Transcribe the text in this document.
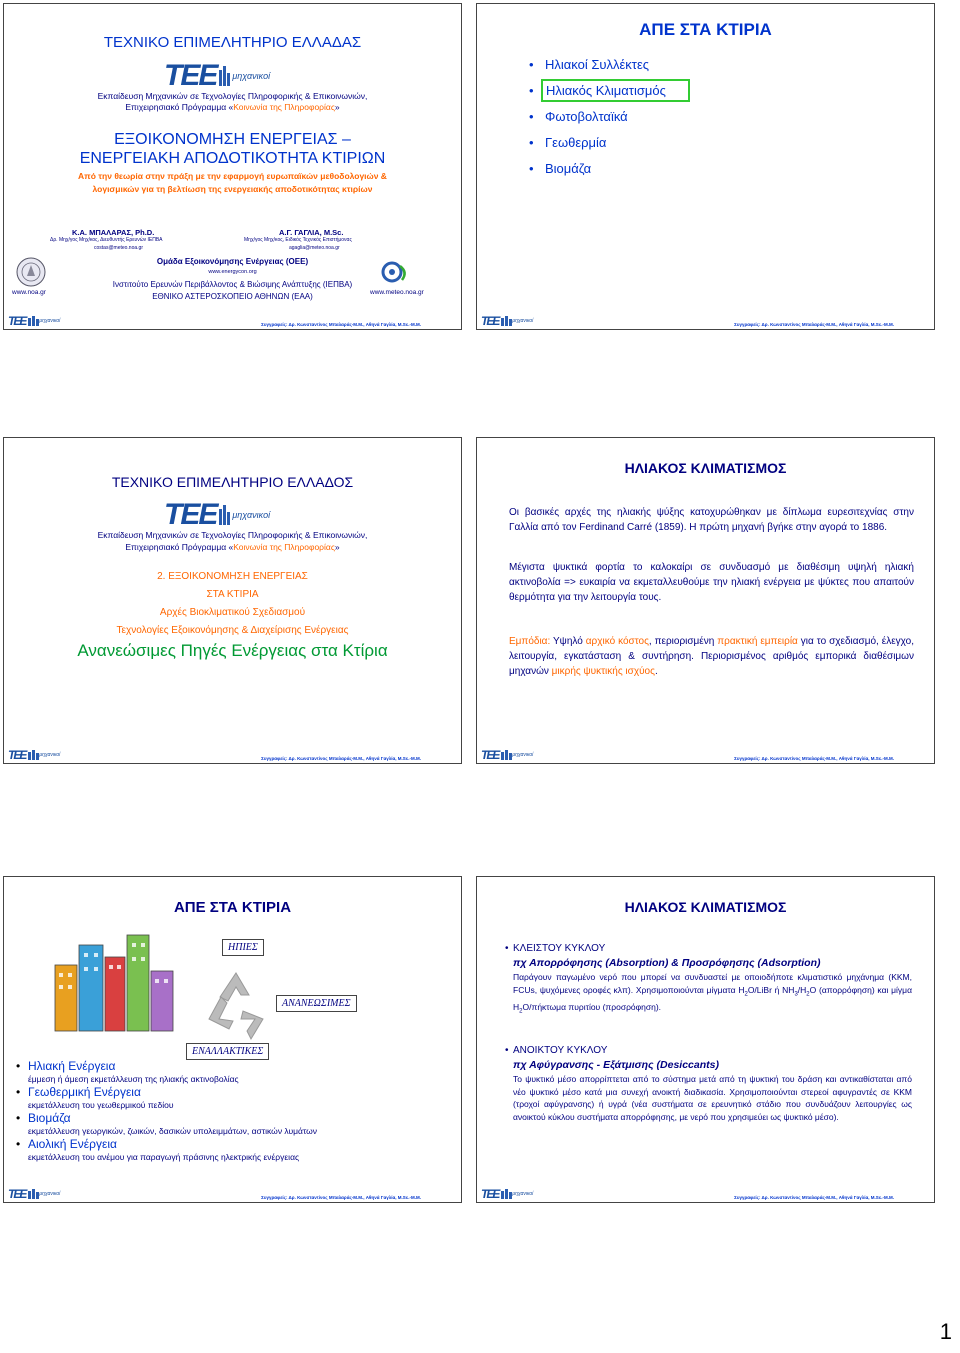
ΤΕΧΝΙΚΟ ΕΠΙΜΕΛΗΤΗΡΙΟ ΕΛΛΑΔΑΣ
ΤΕΕ μηχανικοί
Εκπαίδευση Μηχανικών σε Τεχνολογίες Πληροφορικής & Επικοινωνιών,
Επιχειρησιακό Πρόγραμμα «Κοινωνία της Πληροφορίας»
ΕΞΟΙΚΟΝΟΜΗΣΗ ΕΝΕΡΓΕΙΑΣ –
ΕΝΕΡΓΕΙΑΚΗ ΑΠΟΔΟΤΙΚΟΤΗΤΑ ΚΤΙΡΙΩΝ
Από την θεωρία στην πράξη με την εφαρμογή ευρωπαϊκών μεθοδολογιών &
λογισμικών για τη βελτίωση της ενεργειακής αποδοτικότητας κτιρίων
Κ.Α. ΜΠΑΛΑΡΑΣ, Ph.D.
Δρ. Μηχ/γος Μηχ/κος, Διευθυντής Ερευνών ΙΕΠΒΑ
costas@meteo.noa.gr
Α.Γ. ΓΑΓΛΙΑ, M.Sc.
Μηχ/γος Μηχ/κος, Ειδικός Τεχνικός Επιστήμονας
agaglia@meteo.noa.gr
www.noa.gr
Ομάδα Εξοικονόμησης Ενέργειας (ΟΕΕ)
www.energycon.org
Ινστιτούτο Ερευνών Περιβάλλοντος & Βιώσιμης Ανάπτυξης (ΙΕΠΒΑ)
ΕΘΝΙΚΟ ΑΣΤΕΡΟΣΚΟΠΕΙΟ ΑΘΗΝΩΝ (ΕΑΑ)	www.meteo.noa.gr
ΤΕΕ	μηχανικοί
Συγγραφείς: Δρ. Κωνσταντίνος Μπαλαράς-M.M., Αθηνά Γαγλία, M.Sc.-M.M.
ΑΠΕ ΣΤΑ ΚΤΙΡΙΑ
• Ηλιακοί Συλλέκτες
• Ηλιακός Κλιματισμός
• Φωτοβολταϊκά
• Γεωθερμία
• Βιομάζα
ΤΕΕ	μηχανικοί
Συγγραφείς: Δρ. Κωνσταντίνος Μπαλαράς-M.M., Αθηνά Γαγλία, M.Sc.-M.M.
ΤΕΧΝΙΚΟ ΕΠΙΜΕΛΗΤΗΡΙΟ ΕΛΛΑΔΟΣ
ΤΕΕ μηχανικοί
Εκπαίδευση Μηχανικών σε Τεχνολογίες Πληροφορικής & Επικοινωνιών,
Επιχειρησιακό Πρόγραμμα «Κοινωνία της Πληροφορίας»
2. ΕΞΟΙΚΟΝΟΜΗΣΗ ΕΝΕΡΓΕΙΑΣ
ΣΤΑ ΚΤΙΡΙΑ
Αρχές Βιοκλιματικού Σχεδιασμού
Τεχνολογίες Εξοικονόμησης & Διαχείρισης Ενέργειας
Ανανεώσιμες Πηγές Ενέργειας στα Κτίρια
ΤΕΕ	μηχανικοί
Συγγραφείς: Δρ. Κωνσταντίνος Μπαλαράς-M.M., Αθηνά Γαγλία, M.Sc.-M.M.
ΗΛΙΑΚΟΣ ΚΛΙΜΑΤΙΣΜΟΣ
Οι βασικές αρχές της ηλιακής ψύξης κατοχυρώθηκαν με δίπλωμα ευρεσιτεχνίας στην Γαλλία από τον Ferdinand Carré (1859). Η πρώτη μηχανή βγήκε στην αγορά το 1886.
Μέγιστα ψυκτικά φορτία το καλοκαίρι σε συνδυασμό με διαθέσιμη υψηλή ηλιακή ακτινοβολία => ευκαιρία να εκμεταλλευθούμε την ηλιακή ενέργεια με ψύκτες που απαιτούν θερμότητα για την λειτουργία τους.
Εμπόδια: Υψηλό αρχικό κόστος, περιορισμένη πρακτική εμπειρία για το σχεδιασμό, έλεγχο, λειτουργία, εγκατάσταση & συντήρηση. Περιορισμένος αριθμός εμπορικά διαθέσιμων μηχανών μικρής ψυκτικής ισχύος.
ΤΕΕ	μηχανικοί
Συγγραφείς: Δρ. Κωνσταντίνος Μπαλαράς-M.M., Αθηνά Γαγλία, M.Sc.-M.M.
ΑΠΕ ΣΤΑ ΚΤΙΡΙΑ
ΗΠΙΕΣ
ΑΝΑΝΕΩΣΙΜΕΣ
ΕΝΑΛΛΑΚΤΙΚΕΣ
• Ηλιακή Ενέργεια
έμμεση ή άμεση εκμετάλλευση της ηλιακής ακτινοβολίας
• Γεωθερμική Ενέργεια
εκμετάλλευση του γεωθερμικού πεδίου
• Βιομάζα
εκμετάλλευση γεωργικών, ζωικών, δασικών υπολειμμάτων, αστικών λυμάτων
• Αιολική Ενέργεια
εκμετάλλευση του ανέμου για παραγωγή πράσινης ηλεκτρικής ενέργειας
ΤΕΕ	μηχανικοί
Συγγραφείς: Δρ. Κωνσταντίνος Μπαλαράς-M.M., Αθηνά Γαγλία, M.Sc.-M.M.
ΗΛΙΑΚΟΣ ΚΛΙΜΑΤΙΣΜΟΣ
• ΚΛΕΙΣΤΟΥ ΚΥΚΛΟΥ
πχ Απορρόφησης (Absorption) & Προσρόφησης (Adsorption)
Παράγουν παγωμένο νερό που μπορεί να συνδυαστεί με οποιοδήποτε κλιματιστικό μηχάνημα (ΚΚΜ, FCUs, ψυχόμενες οροφές κλπ). Χρησιμοποιούνται μίγματα $H_2O$/LiBr ή $NH_3/H_2O$ (απορρόφηση) και μίγμα $H_2O$/πήκτωμα πυριτίου (προσρόφηση).
• ΑΝΟΙΚΤΟΥ ΚΥΚΛΟΥ
πχ Αφύγρανσης - Εξάτμισης (Desiccants)
Το ψυκτικό μέσο απορρίπτεται από το σύστημα μετά από τη ψυκτική του δράση και αντικαθίσταται από νέο ψυκτικό μέσο κατά μια συνεχή ανοικτή διαδικασία. Χρησιμοποιούνται στερεοί αφυγραντές σε ΚΚΜ (τροχοί αφύγρανσης) ή υγρά (νέα συστήματα σε ερευνητικό στάδιο που συνδυάζουν λειτουργίες ως ανοικτού κύκλου συστήματα απορρόφησης, με νερό που χρησιμεύει ως ψυκτικό μέσο).
ΤΕΕ	μηχανικοί
Συγγραφείς: Δρ. Κωνσταντίνος Μπαλαράς-M.M., Αθηνά Γαγλία, M.Sc.-M.M.
1
